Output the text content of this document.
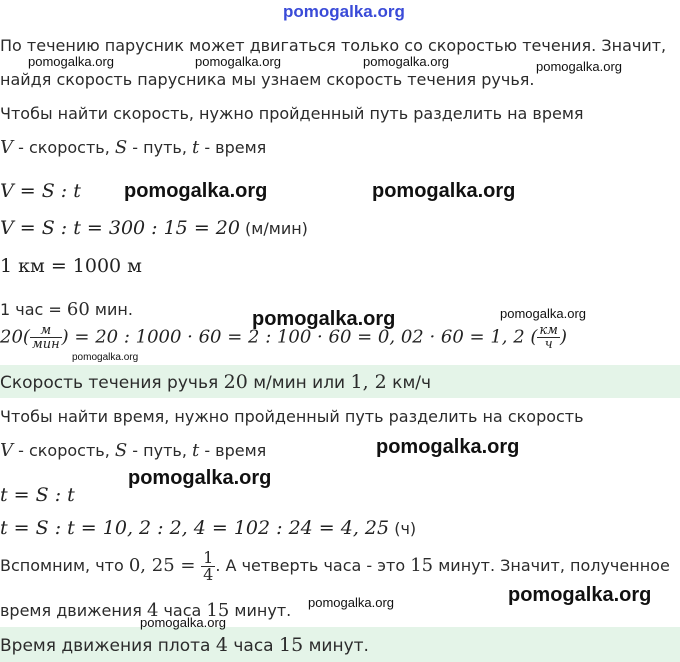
pomogalka.org
По течению парусник может двигаться только со скоростью течения. Значит,
найдя скорость парусника мы узнаем скорость течения ручья.
pomogalka.org	pomogalka.org	pomogalka.org	pomogalka.org
Чтобы найти скорость, нужно пройденный путь разделить на время
V - скорость, S - путь, t - время
V = S : t pomogalka.org	pomogalka.org
V = S : t = 300 : 15 = 20 (м/мин)
1 км = 1000 м
1 час = 60 мин.	pomogalka.org	pomogalka.org
$20( \frac{м}{\text{мин}}$ ) = 20 : 1000 · 60 = 2 : 100 · 60 = 0, 02 · 60 = 1, 2 ( $\frac{км}{ч}$ )
pomogalka.org
Скорость течения ручья 20 м/мин или 1, 2 км/ч
Чтобы найти время, нужно пройденный путь разделить на скорость
V - скорость, S - путь, t - время	pomogalka.org
pomogalka.org
t = S : t
t = S : t = 10, 2 : 2, 4 = 102 : 24 = 4, 25 (ч)
Вспомним, что 0, $25 = \frac{1}{4}$ . А четверть часа - это 15 минут. Значит, полученное
время движения 4 часа 15 минут. pomogalka.org	pomogalka.org
pomogalka.org
Время движения плота 4 часа 15 минут.
